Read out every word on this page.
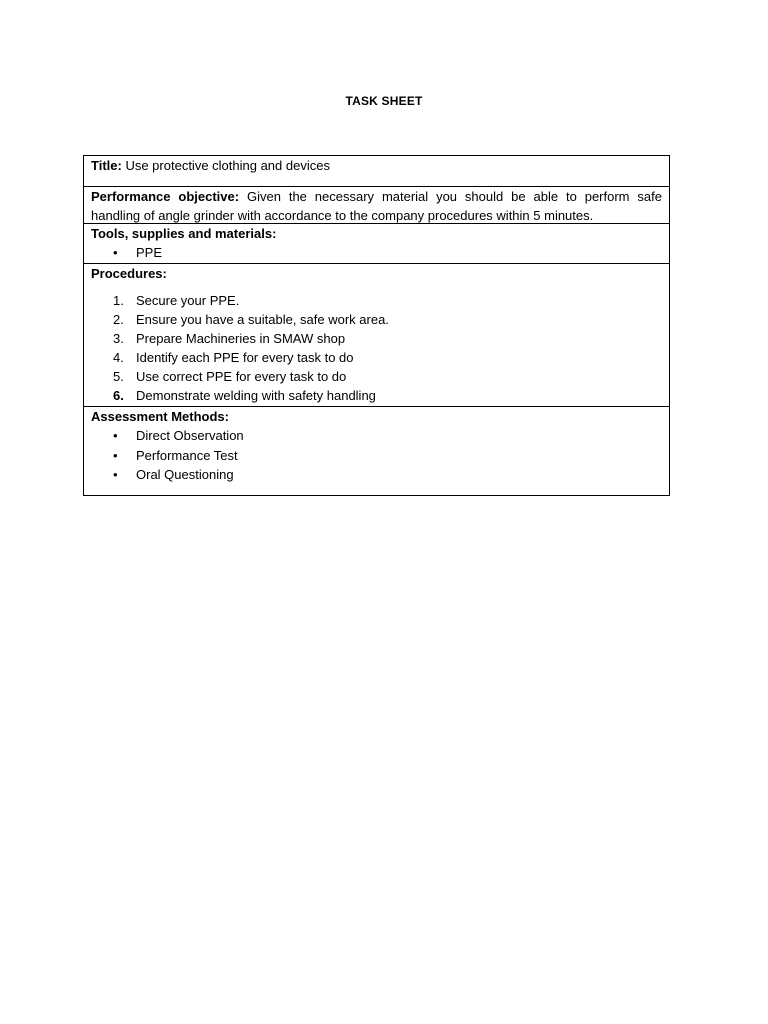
TASK SHEET
Title: Use protective clothing and devices
Performance objective: Given the necessary material you should be able to perform safe handling of angle grinder with accordance to the company procedures within 5 minutes.
Tools, supplies and materials:
• PPE
Procedures:
1. Secure your PPE.
2. Ensure you have a suitable, safe work area.
3. Prepare Machineries in SMAW shop
4. Identify each PPE for every task to do
5. Use correct PPE for every task to do
6. Demonstrate welding with safety handling
Assessment Methods:
• Direct Observation
• Performance Test
• Oral Questioning
